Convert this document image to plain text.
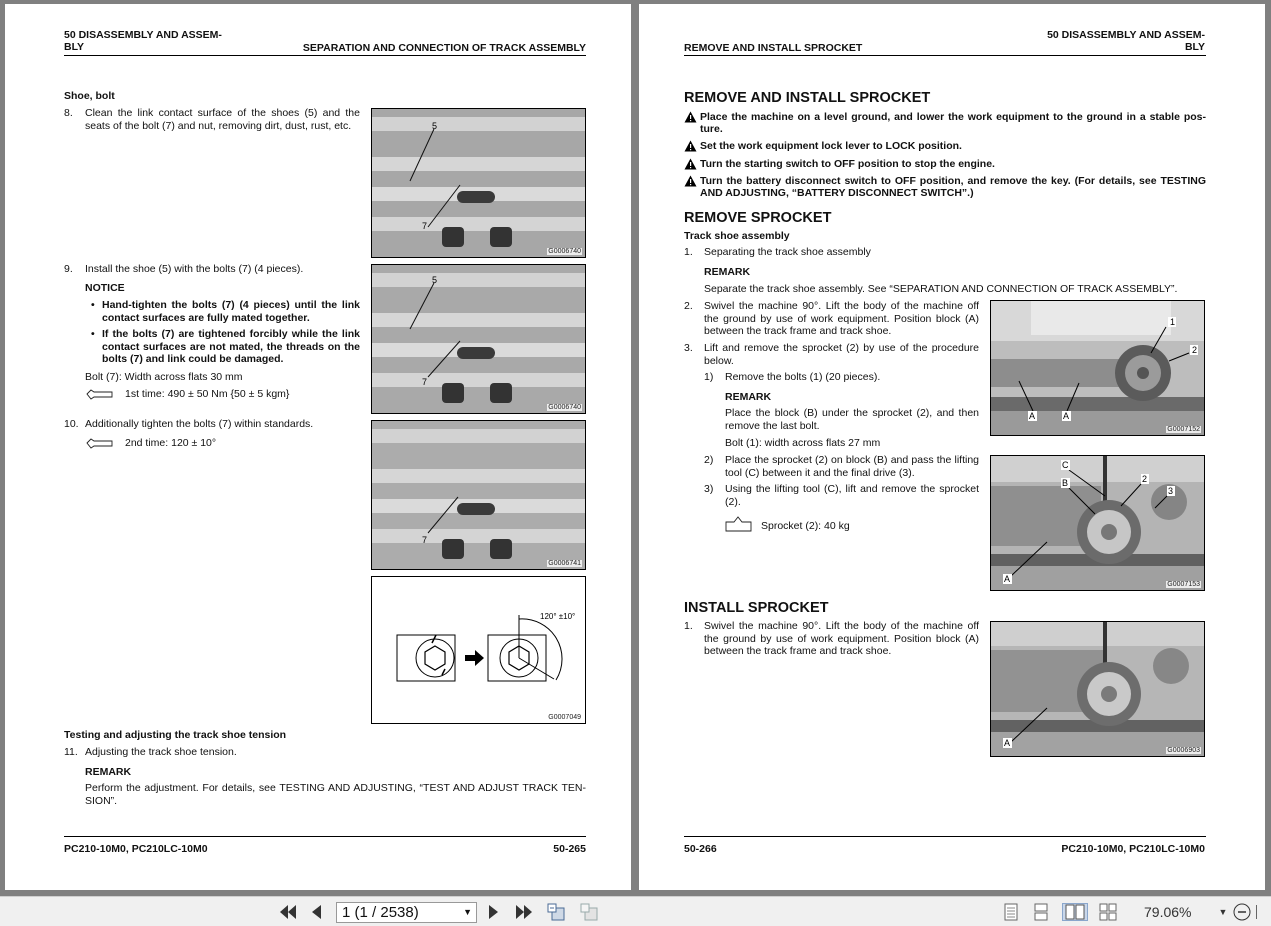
50 DISASSEMBLY AND ASSEM-
BLY	SEPARATION AND CONNECTION OF TRACK ASSEMBLY
Shoe, bolt
8. Clean the link contact surface of the shoes (5) and the seats of the bolt (7) and nut, removing dirt, dust, rust, etc.
9. Install the shoe (5) with the bolts (7) (4 pieces).
NOTICE
• Hand-tighten the bolts (7) (4 pieces) until the link contact surfaces are fully mated together.
• If the bolts (7) are tightened forcibly while the link contact surfaces are not mated, the threads on the bolts (7) and link could be damaged.
Bolt (7): Width across flats 30 mm
1st time: 490 ± 50 Nm {50 ± 5 kgm}
10. Additionally tighten the bolts (7) within standards.
2nd time: 120 ± 10°
5
7
G0006740
5
7
G0006740
7
G0006741
120° ±10°
G0007049
Testing and adjusting the track shoe tension
11. Adjusting the track shoe tension.
REMARK
Perform the adjustment. For details, see TESTING AND ADJUSTING, “TEST AND ADJUST TRACK TEN-SION”.
PC210-10M0, PC210LC-10M0	50-265
REMOVE AND INSTALL SPROCKET
50 DISASSEMBLY AND ASSEM-
BLY
REMOVE AND INSTALL SPROCKET
Place the machine on a level ground, and lower the work equipment to the ground in a stable pos-ture.
Set the work equipment lock lever to LOCK position.
Turn the starting switch to OFF position to stop the engine.
Turn the battery disconnect switch to OFF position, and remove the key. (For details, see TESTING AND ADJUSTING, “BATTERY DISCONNECT SWITCH”.)
REMOVE SPROCKET
Track shoe assembly
1. Separating the track shoe assembly
REMARK
Separate the track shoe assembly. See “SEPARATION AND CONNECTION OF TRACK ASSEMBLY”.
2. Swivel the machine 90°. Lift the body of the machine off the ground by use of work equipment. Position block (A) between the track frame and track shoe.
3. Lift and remove the sprocket (2) by use of the procedure below.
1) Remove the bolts (1) (20 pieces).
REMARK
Place the block (B) under the sprocket (2), and then remove the last bolt.
Bolt (1): width across flats 27 mm
2) Place the sprocket (2) on block (B) and pass the lifting tool (C) between it and the final drive (3).
3) Using the lifting tool (C), lift and remove the sprocket (2).
Sprocket (2): 40 kg
1
2
A	A
G0007152
C
B	2
3
A
G0007153
INSTALL SPROCKET
1. Swivel the machine 90°. Lift the body of the machine off the ground by use of work equipment. Position block (A) between the track frame and track shoe.
A
G0006903
50-266	PC210-10M0, PC210LC-10M0
1 (1 / 2538)	▼	79.06%	▼
